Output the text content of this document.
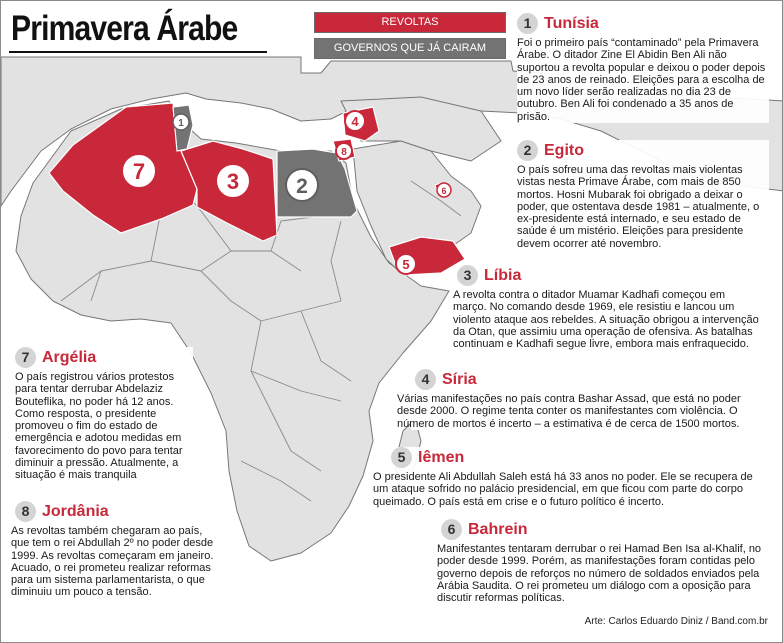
7	3	2
1	4
8
5
6
Primavera Árabe	REVOLTAS
GOVERNOS QUE JÁ CAIRAM
1 Tunísia
Foi o primeiro país “contaminado” pela Primavera Árabe. O ditador Zine El Abidin Ben Ali não suportou a revolta popular e deixou o poder depois de 23 anos de reinado. Eleições para a escolha de um novo líder serão realizadas no dia 23 de outubro. Ben Ali foi condenado a 35 anos de prisão.
2 Egito
O país sofreu uma das revoltas mais violentas vistas nesta Primave Árabe, com mais de 850 mortos. Hosni Mubarak foi obrigado a deixar o poder, que ostentava desde 1981 – atualmente, o ex-presidente está internado, e seu estado de saúde é um mistério. Eleições para presidente devem ocorrer até novembro.
3 Líbia
A revolta contra o ditador Muamar Kadhafi começou em março. No comando desde 1969, ele resistiu e lancou um violento ataque aos rebeldes. A situação obrigou a intervenção da Otan, que assimiu uma operação de ofensiva. As batalhas continuam e Kadhafi segue livre, embora mais enfraquecido.
4 Síria
Várias manifestações no país contra Bashar Assad, que está no poder desde 2000. O regime tenta conter os manifestantes com violência. O número de mortos é incerto – a estimativa é de cerca de 1500 mortos.
5 Iêmen
O presidente Ali Abdullah Saleh está há 33 anos no poder. Ele se recupera de um ataque sofrido no palácio presidencial, em que ficou com parte do corpo queimado. O país está em crise e o futuro político é incerto.
6 Bahrein
Manifestantes tentaram derrubar o rei Hamad Ben Isa al-Khalif, no poder desde 1999. Porém, as manifestações foram contidas pelo governo depois de reforços no número de soldados enviados pela Arábia Saudita. O rei prometeu um diálogo com a oposição para discutir reformas políticas.
7 Argélia
O país registrou vários protestos para tentar derrubar Abdelaziz Bouteflika, no poder há 12 anos. Como resposta, o presidente promoveu o fim do estado de emergência e adotou medidas em favorecimento do povo para tentar diminuir a pressão. Atualmente, a situação é mais tranquila
8 Jordânia
As revoltas também chegaram ao país, que tem o rei Abdullah 2º no poder desde 1999. As revoltas começaram em janeiro. Acuado, o rei prometeu realizar reformas para um sistema parlamentarista, o que diminuiu um pouco a tensão.
Arte: Carlos Eduardo Diniz / Band.com.br
